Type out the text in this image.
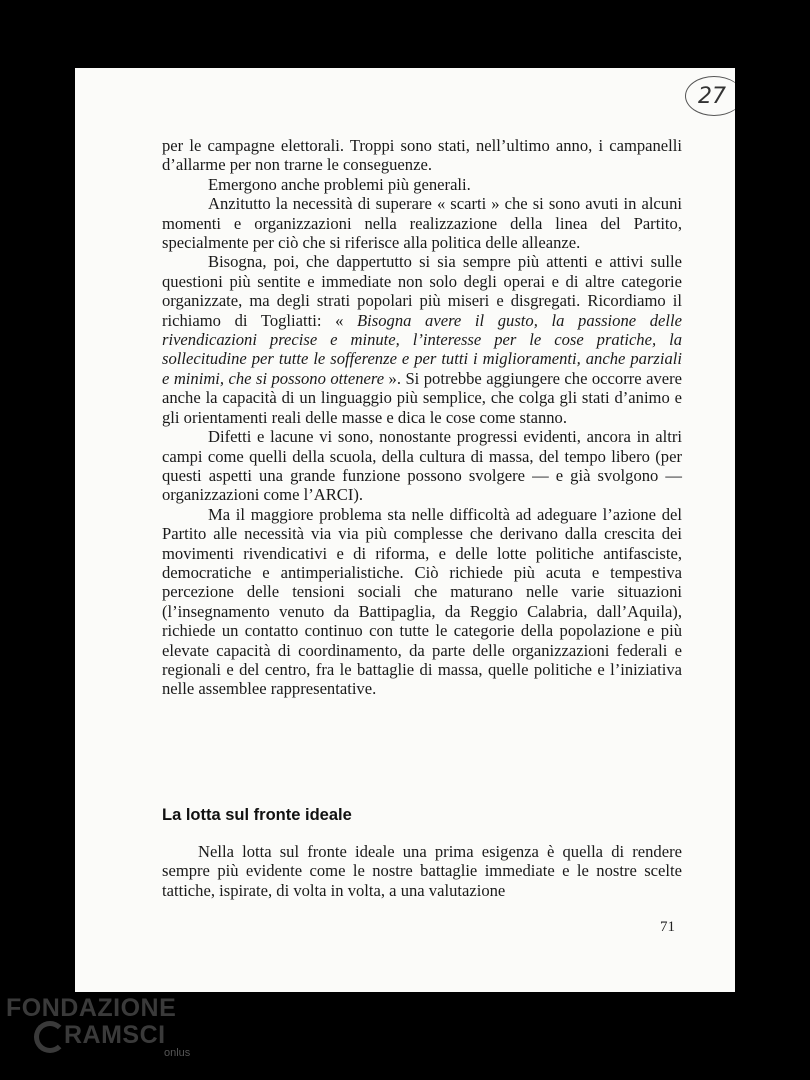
27

per le campagne elettorali. Troppi sono stati, nell’ultimo anno, i campanelli d’allarme per non trarne le conseguenze.

Emergono anche problemi più generali.

Anzitutto la necessità di superare « scarti » che si sono avuti in alcuni momenti e organizzazioni nella realizzazione della linea del Partito, specialmente per ciò che si riferisce alla politica delle alleanze.

Bisogna, poi, che dappertutto si sia sempre più attenti e attivi sulle questioni più sentite e immediate non solo degli operai e di altre categorie organizzate, ma degli strati popolari più miseri e disgregati. Ricordiamo il richiamo di Togliatti: « Bisogna avere il gusto, la passione delle rivendicazioni precise e minute, l’interesse per le cose pratiche, la sollecitudine per tutte le sofferenze e per tutti i miglioramenti, anche parziali e minimi, che si possono ottenere ». Si potrebbe aggiungere che occorre avere anche la capacità di un linguaggio più semplice, che colga gli stati d’animo e gli orientamenti reali delle masse e dica le cose come stanno.

Difetti e lacune vi sono, nonostante progressi evidenti, ancora in altri campi come quelli della scuola, della cultura di massa, del tempo libero (per questi aspetti una grande funzione possono svolgere — e già svolgono — organizzazioni come l’ARCI).

Ma il maggiore problema sta nelle difficoltà ad adeguare l’azione del Partito alle necessità via via più complesse che derivano dalla crescita dei movimenti rivendicativi e di riforma, e delle lotte politiche antifasciste, democratiche e antimperialistiche. Ciò richiede più acuta e tempestiva percezione delle tensioni sociali che maturano nelle varie situazioni (l’insegnamento venuto da Battipaglia, da Reggio Calabria, dall’Aquila), richiede un contatto continuo con tutte le categorie della popolazione e più elevate capacità di coordinamento, da parte delle organizzazioni federali e regionali e del centro, fra le battaglie di massa, quelle politiche e l’iniziativa nelle assemblee rappresentative.

La lotta sul fronte ideale

Nella lotta sul fronte ideale una prima esigenza è quella di rendere sempre più evidente come le nostre battaglie immediate e le nostre scelte tattiche, ispirate, di volta in volta, a una valutazione

71
FONDAZIONE
RAMSCI
onlus
